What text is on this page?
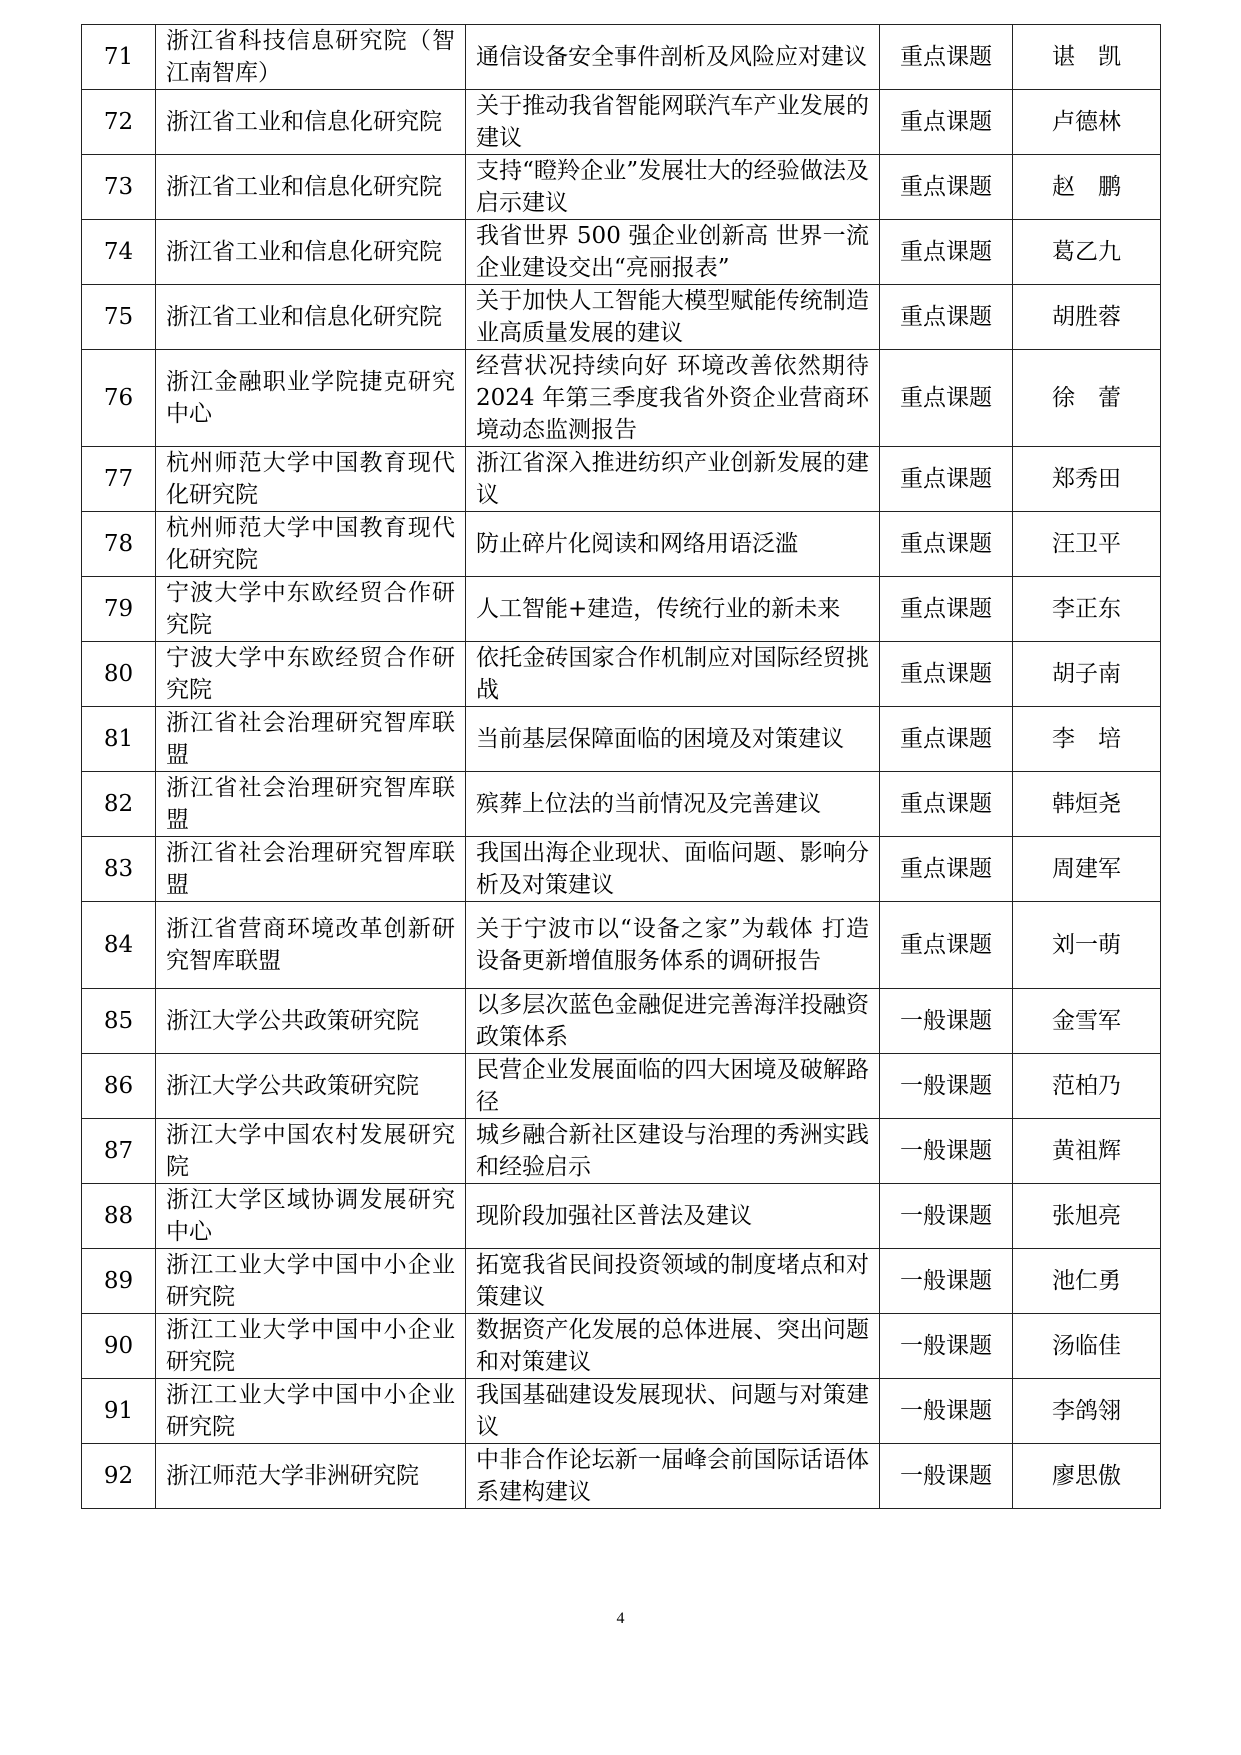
71	浙江省科技信息研究院（智江南智库）	通信设备安全事件剖析及风险应对建议	重点课题	谌　凯
72	浙江省工业和信息化研究院	关于推动我省智能网联汽车产业发展的建议	重点课题	卢德林
73	浙江省工业和信息化研究院	支持“瞪羚企业”发展壮大的经验做法及启示建议	重点课题	赵　鹏
74	浙江省工业和信息化研究院	我省世界 500 强企业创新高 世界一流企业建设交出“亮丽报表”	重点课题	葛乙九
75	浙江省工业和信息化研究院	关于加快人工智能大模型赋能传统制造业高质量发展的建议	重点课题	胡胜蓉
76	浙江金融职业学院捷克研究中心	经营状况持续向好 环境改善依然期待 2024 年第三季度我省外资企业营商环境动态监测报告	重点课题	徐　蕾
77	杭州师范大学中国教育现代化研究院	浙江省深入推进纺织产业创新发展的建议	重点课题	郑秀田
78	杭州师范大学中国教育现代化研究院	防止碎片化阅读和网络用语泛滥	重点课题	汪卫平
79	宁波大学中东欧经贸合作研究院	人工智能+建造，传统行业的新未来	重点课题	李正东
80	宁波大学中东欧经贸合作研究院	依托金砖国家合作机制应对国际经贸挑战	重点课题	胡子南
81	浙江省社会治理研究智库联盟	当前基层保障面临的困境及对策建议	重点课题	李　培
82	浙江省社会治理研究智库联盟	殡葬上位法的当前情况及完善建议	重点课题	韩烜尧
83	浙江省社会治理研究智库联盟	我国出海企业现状、面临问题、影响分析及对策建议	重点课题	周建军
84	浙江省营商环境改革创新研究智库联盟	关于宁波市以“设备之家”为载体 打造设备更新增值服务体系的调研报告	重点课题	刘一萌
85	浙江大学公共政策研究院	以多层次蓝色金融促进完善海洋投融资政策体系	一般课题	金雪军
86	浙江大学公共政策研究院	民营企业发展面临的四大困境及破解路径	一般课题	范柏乃
87	浙江大学中国农村发展研究院	城乡融合新社区建设与治理的秀洲实践和经验启示	一般课题	黄祖辉
88	浙江大学区域协调发展研究中心	现阶段加强社区普法及建议	一般课题	张旭亮
89	浙江工业大学中国中小企业研究院	拓宽我省民间投资领域的制度堵点和对策建议	一般课题	池仁勇
90	浙江工业大学中国中小企业研究院	数据资产化发展的总体进展、突出问题和对策建议	一般课题	汤临佳
91	浙江工业大学中国中小企业研究院	我国基础建设发展现状、问题与对策建议	一般课题	李鸽翎
92	浙江师范大学非洲研究院	中非合作论坛新一届峰会前国际话语体系建构建议	一般课题	廖思傲
4
